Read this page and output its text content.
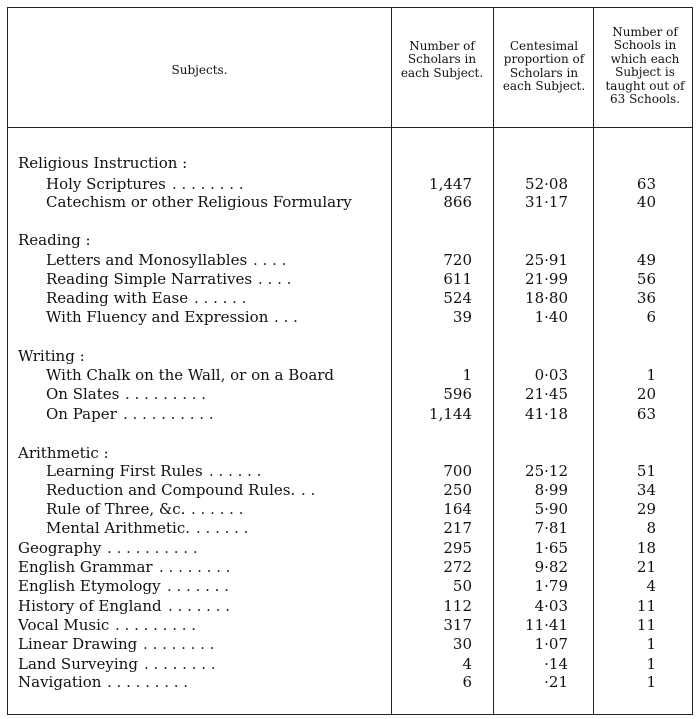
Subjects.
Number of Scholars in each Subject.
Centesimal proportion of Scholars in each Subject.
Number of Schools in which each Subject is taught out of 63 Schools.
Religious Instruction :
Holy Scriptures . . . . . . . .	1,447	52·08	63
Catechism or other Religious Formulary	866	31·17	40
Reading :
Letters and Monosyllables . . . .	720	25·91	49
Reading Simple Narratives . . . .	611	21·99	56
Reading with Ease . . . . . .	524	18·80	36
With Fluency and Expression . . .	39	1·40	6
Writing :
With Chalk on the Wall, or on a Board	1	0·03	1
On Slates . . . . . . . . .	596	21·45	20
On Paper . . . . . . . . . .	1,144	41·18	63
Arithmetic :
Learning First Rules . . . . . .	700	25·12	51
Reduction and Compound Rules. . .	250	8·99	34
Rule of Three, &c. . . . . . .	164	5·90	29
Mental Arithmetic. . . . . . .	217	7·81	8
Geography . . . . . . . . . .	295	1·65	18
English Grammar . . . . . . . .	272	9·82	21
English Etymology . . . . . . .	50	1·79	4
History of England . . . . . . .	112	4·03	11
Vocal Music . . . . . . . . .	317	11·41	11
Linear Drawing . . . . . . . .	30	1·07	1
Land Surveying . . . . . . . .	4	·14	1
Navigation . . . . . . . . .	6	·21	1
